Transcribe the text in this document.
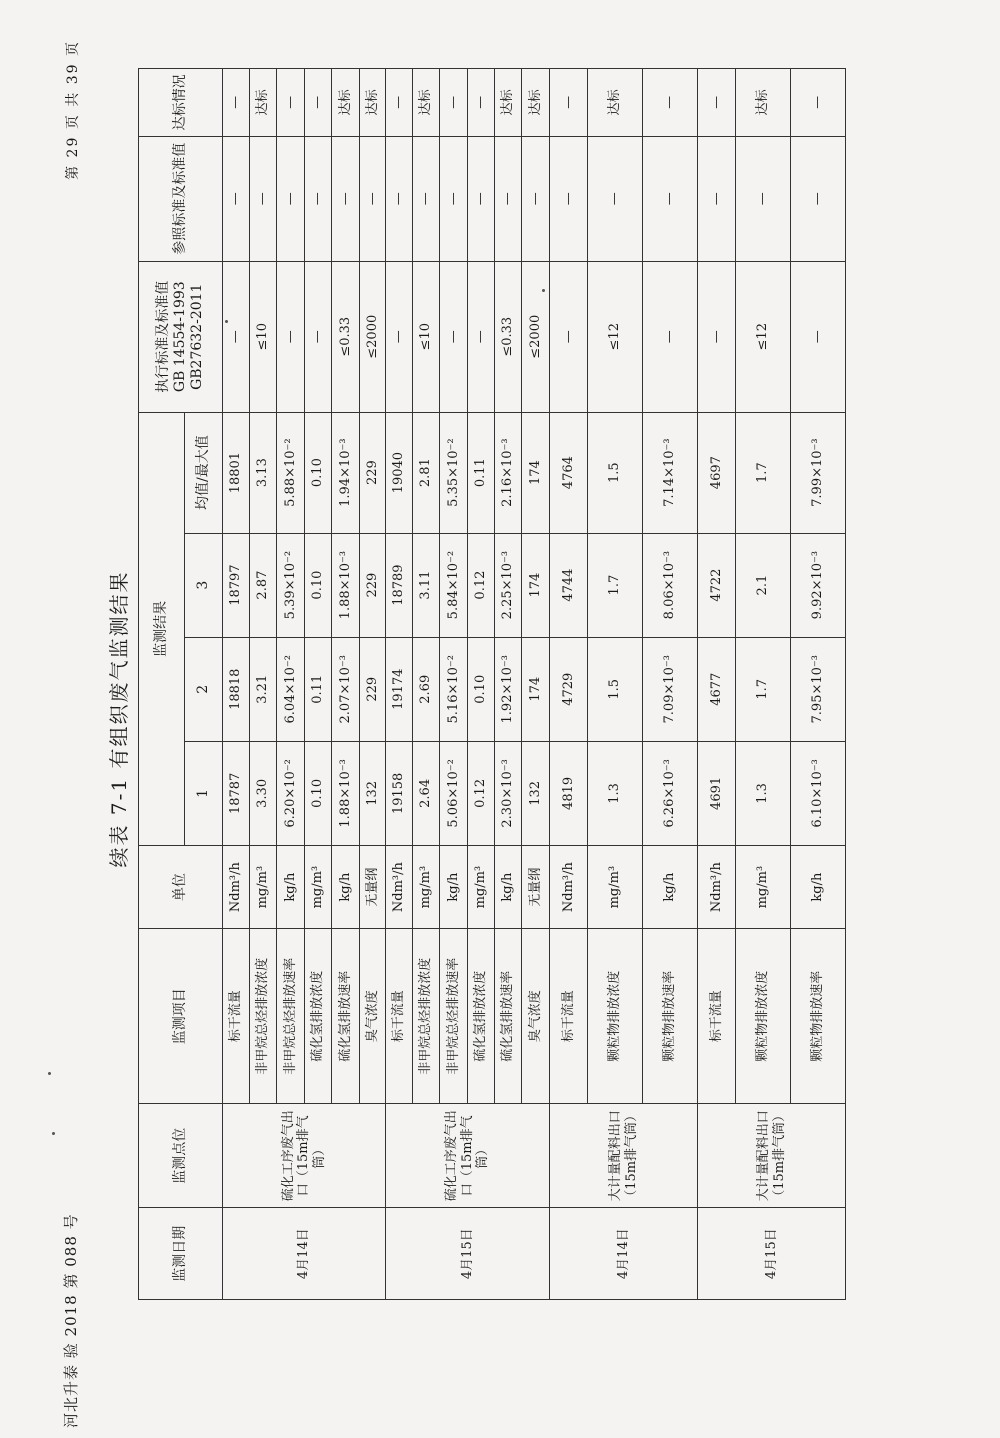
河北升泰 验 2018 第 088 号
第 29 页 共 39 页
续表 7-1 有组织废气监测结果
监测日期	监测点位	监测项目	单位	监测结果				执行标准及标准值 GB 14554-1993 GB27632-2011	参照标准及标准值	达标情况
				1	2	3	均值/最大值			
4月14日	硫化工序废气出口（15m排气筒）	标干流量	Ndm³/h	18787	18818	18797	18801	—	—	—
		非甲烷总烃排放浓度	mg/m³	3.30	3.21	2.87	3.13	≤10	—	达标
		非甲烷总烃排放速率	kg/h	6.20×10⁻²	6.04×10⁻²	5.39×10⁻²	5.88×10⁻²	—	—	—
		硫化氢排放浓度	mg/m³	0.10	0.11	0.10	0.10	—	—	—
		硫化氢排放速率	kg/h	1.88×10⁻³	2.07×10⁻³	1.88×10⁻³	1.94×10⁻³	≤0.33	—	达标
		臭气浓度	无量纲	132	229	229	229	≤2000	—	达标
4月15日	硫化工序废气出口（15m排气筒）	标干流量	Ndm³/h	19158	19174	18789	19040	—	—	—
		非甲烷总烃排放浓度	mg/m³	2.64	2.69	3.11	2.81	≤10	—	达标
		非甲烷总烃排放速率	kg/h	5.06×10⁻²	5.16×10⁻²	5.84×10⁻²	5.35×10⁻²	—	—	—
		硫化氢排放浓度	mg/m³	0.12	0.10	0.12	0.11	—	—	—
		硫化氢排放速率	kg/h	2.30×10⁻³	1.92×10⁻³	2.25×10⁻³	2.16×10⁻³	≤0.33	—	达标
		臭气浓度	无量纲	132	174	174	174	≤2000	—	达标
4月14日	大计量配料出口（15m排气筒）	标干流量	Ndm³/h	4819	4729	4744	4764	—	—	—
		颗粒物排放浓度	mg/m³	1.3	1.5	1.7	1.5	≤12	—	达标
		颗粒物排放速率	kg/h	6.26×10⁻³	7.09×10⁻³	8.06×10⁻³	7.14×10⁻³	—	—	—
4月15日	大计量配料出口（15m排气筒）	标干流量	Ndm³/h	4691	4677	4722	4697	—	—	—
		颗粒物排放浓度	mg/m³	1.3	1.7	2.1	1.7	≤12	—	达标
		颗粒物排放速率	kg/h	6.10×10⁻³	7.95×10⁻³	9.92×10⁻³	7.99×10⁻³	—	—	—
